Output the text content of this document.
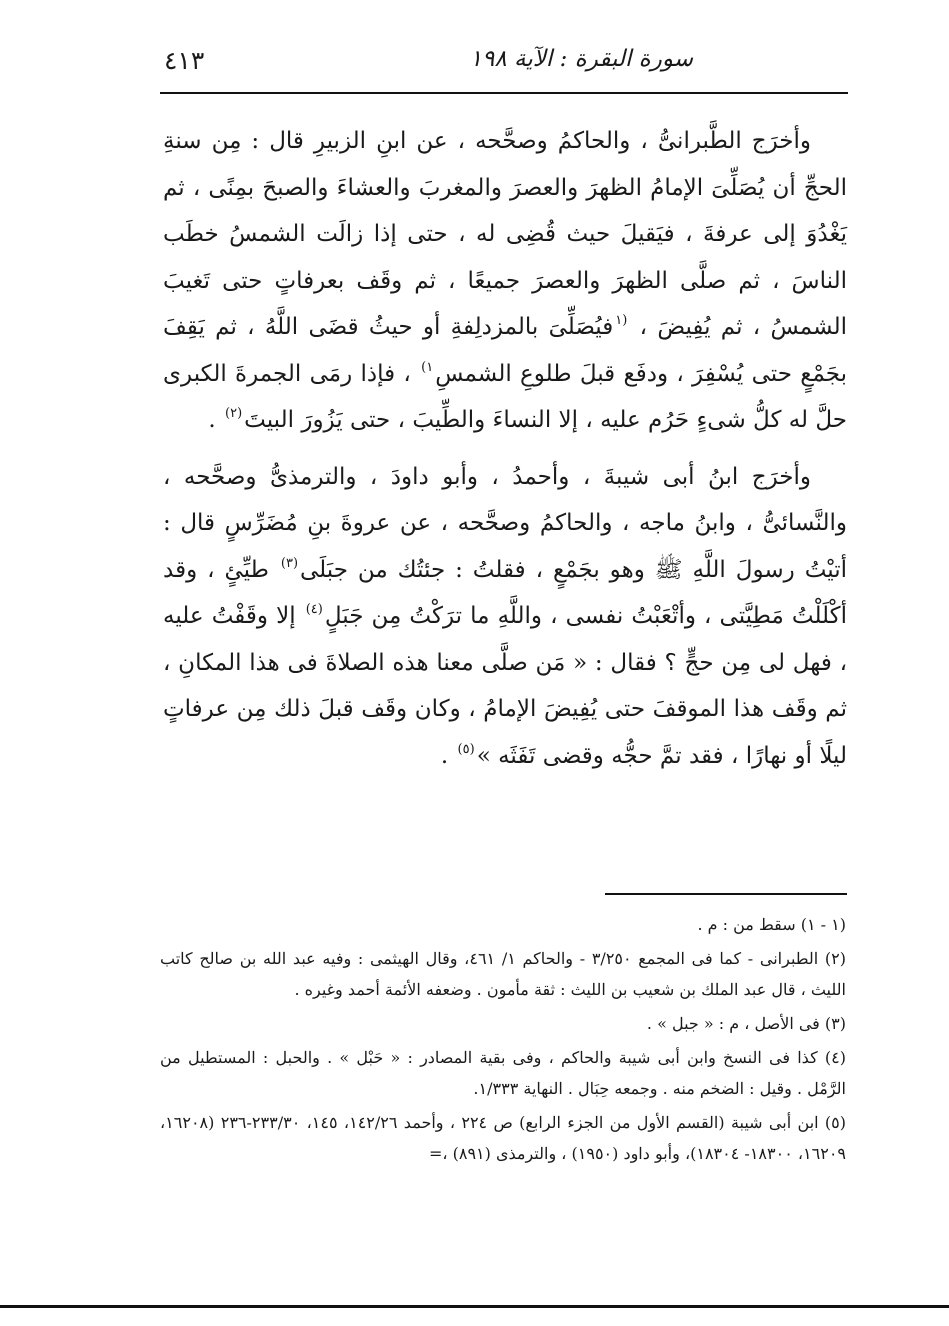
سورة البقرة : الآية ١٩٨
٤١٣

وأخرَج الطَّبرانىُّ ، والحاكمُ وصحَّحه ، عن ابنِ الزبيرِ قال : مِن سنةِ الحجِّ أن يُصَلِّىَ الإمامُ الظهرَ والعصرَ والمغربَ والعشاءَ والصبحَ بمِنًى ، ثم يَغْدُوَ إلى عرفةَ ، فيَقيلَ حيث قُضِى له ، حتى إذا زالَت الشمسُ خطَب الناسَ ، ثم صلَّى الظهرَ والعصرَ جميعًا ، ثم وقَف بعرفاتٍ حتى تَغيبَ الشمسُ ، ثم يُفِيضَ ، $^{(١}$فيُصَلِّىَ بالمزدلِفةِ أو حيثُ قضَى اللَّهُ ، ثم يَقِفَ بجَمْعٍ حتى يُسْفِرَ ، ودفَع قبلَ طلوعِ الشمسِ$^{١)}$ ، فإذا رمَى الجمرةَ الكبرى حلَّ له كلُّ شىءٍ حَرُم عليه ، إلا النساءَ والطِّيبَ ، حتى يَزُورَ البيتَ$^{(٢)}$ .

وأخرَج ابنُ أبى شيبةَ ، وأحمدُ ، وأبو داودَ ، والترمذىُّ وصحَّحه ، والنَّسائىُّ ، وابنُ ماجه ، والحاكمُ وصحَّحه ، عن عروةَ بنِ مُضَرِّسٍ قال : أتيْتُ رسولَ اللَّهِ ﷺ وهو بجَمْعٍ ، فقلتُ : جئتُك من جبَلَى$^{(٣)}$ طيِّئٍ ، وقد أكْلَلْتُ مَطِيَّتى ، وأتْعَبْتُ نفسى ، واللَّهِ ما ترَكْتُ مِن جَبَلٍ$^{(٤)}$ إلا وقَفْتُ عليه ، فهل لى مِن حجٍّ ؟ فقال : « مَن صلَّى معنا هذه الصلاةَ فى هذا المكانِ ، ثم وقَف هذا الموقفَ حتى يُفِيضَ الإمامُ ، وكان وقَف قبلَ ذلك مِن عرفاتٍ ليلًا أو نهارًا ، فقد تمَّ حجُّه وقضى تَفَثَه »$^{(٥)}$ .

(١ - ١) سقط من : م .

(٢) الطبرانى - كما فى المجمع ٣/٢٥٠ - والحاكم ١/ ٤٦١، وقال الهيثمى : وفيه عبد الله بن صالح كاتب الليث ، قال عبد الملك بن شعيب بن الليث : ثقة مأمون . وضعفه الأئمة أحمد وغيره .

(٣) فى الأصل ، م : « جبل » .

(٤) كذا فى النسخ وابن أبى شيبة والحاكم ، وفى بقية المصادر : « حَبْل » . والحبل : المستطيل من الرَّمْل . وقيل : الضخم منه . وجمعه حِبَال . النهاية ١/٣٣٣.

(٥) ابن أبى شيبة (القسم الأول من الجزء الرابع) ص ٢٢٤ ، وأحمد ١٤٢/٢٦، ١٤٥، ٢٣٣/٣٠-٢٣٦ (١٦٢٠٨، ١٦٢٠٩، ١٨٣٠٠- ١٨٣٠٤)، وأبو داود (١٩٥٠) ، والترمذى (٨٩١) ،=
